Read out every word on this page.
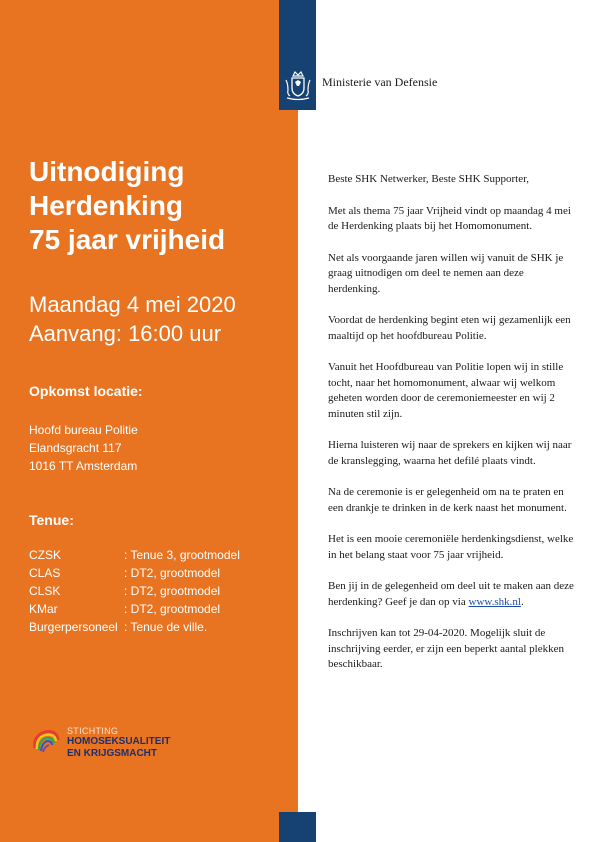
Ministerie van Defensie
Uitnodiging
Herdenking
75 jaar vrijheid
Maandag 4 mei 2020
Aanvang: 16:00 uur
Opkomst locatie:
Hoofd bureau Politie
Elandsgracht 117
1016 TT Amsterdam
Tenue:
CZSK	: Tenue 3, grootmodel
CLAS	: DT2, grootmodel
CLSK	: DT2, grootmodel
KMar	: DT2, grootmodel
Burgerpersoneel : Tenue de ville.
STICHTING
HOMOSEKSUALITEIT
EN KRIJGSMACHT

Beste SHK Netwerker, Beste SHK Supporter,

Met als thema 75 jaar Vrijheid vindt op maandag 4 mei de Herdenking plaats bij het Homomonument.

Net als voorgaande jaren willen wij vanuit de SHK je graag uitnodigen om deel te nemen aan deze herdenking.

Voordat de herdenking begint eten wij gezamenlijk een maaltijd op het hoofdbureau Politie.

Vanuit het Hoofdbureau van Politie lopen wij in stille tocht, naar het homomonument, alwaar wij welkom geheten worden door de ceremoniemeester en wij 2 minuten stil zijn.

Hierna luisteren wij naar de sprekers en kijken wij naar de kranslegging, waarna het defilé plaats vindt.

Na de ceremonie is er gelegenheid om na te praten en een drankje te drinken in de kerk naast het monument.

Het is een mooie ceremoniële herdenkingsdienst, welke in het belang staat voor 75 jaar vrijheid.

Ben jij in de gelegenheid om deel uit te maken aan deze herdenking? Geef je dan op via www.shk.nl.

Inschrijven kan tot 29-04-2020. Mogelijk sluit de inschrijving eerder, er zijn een beperkt aantal plekken beschikbaar.
